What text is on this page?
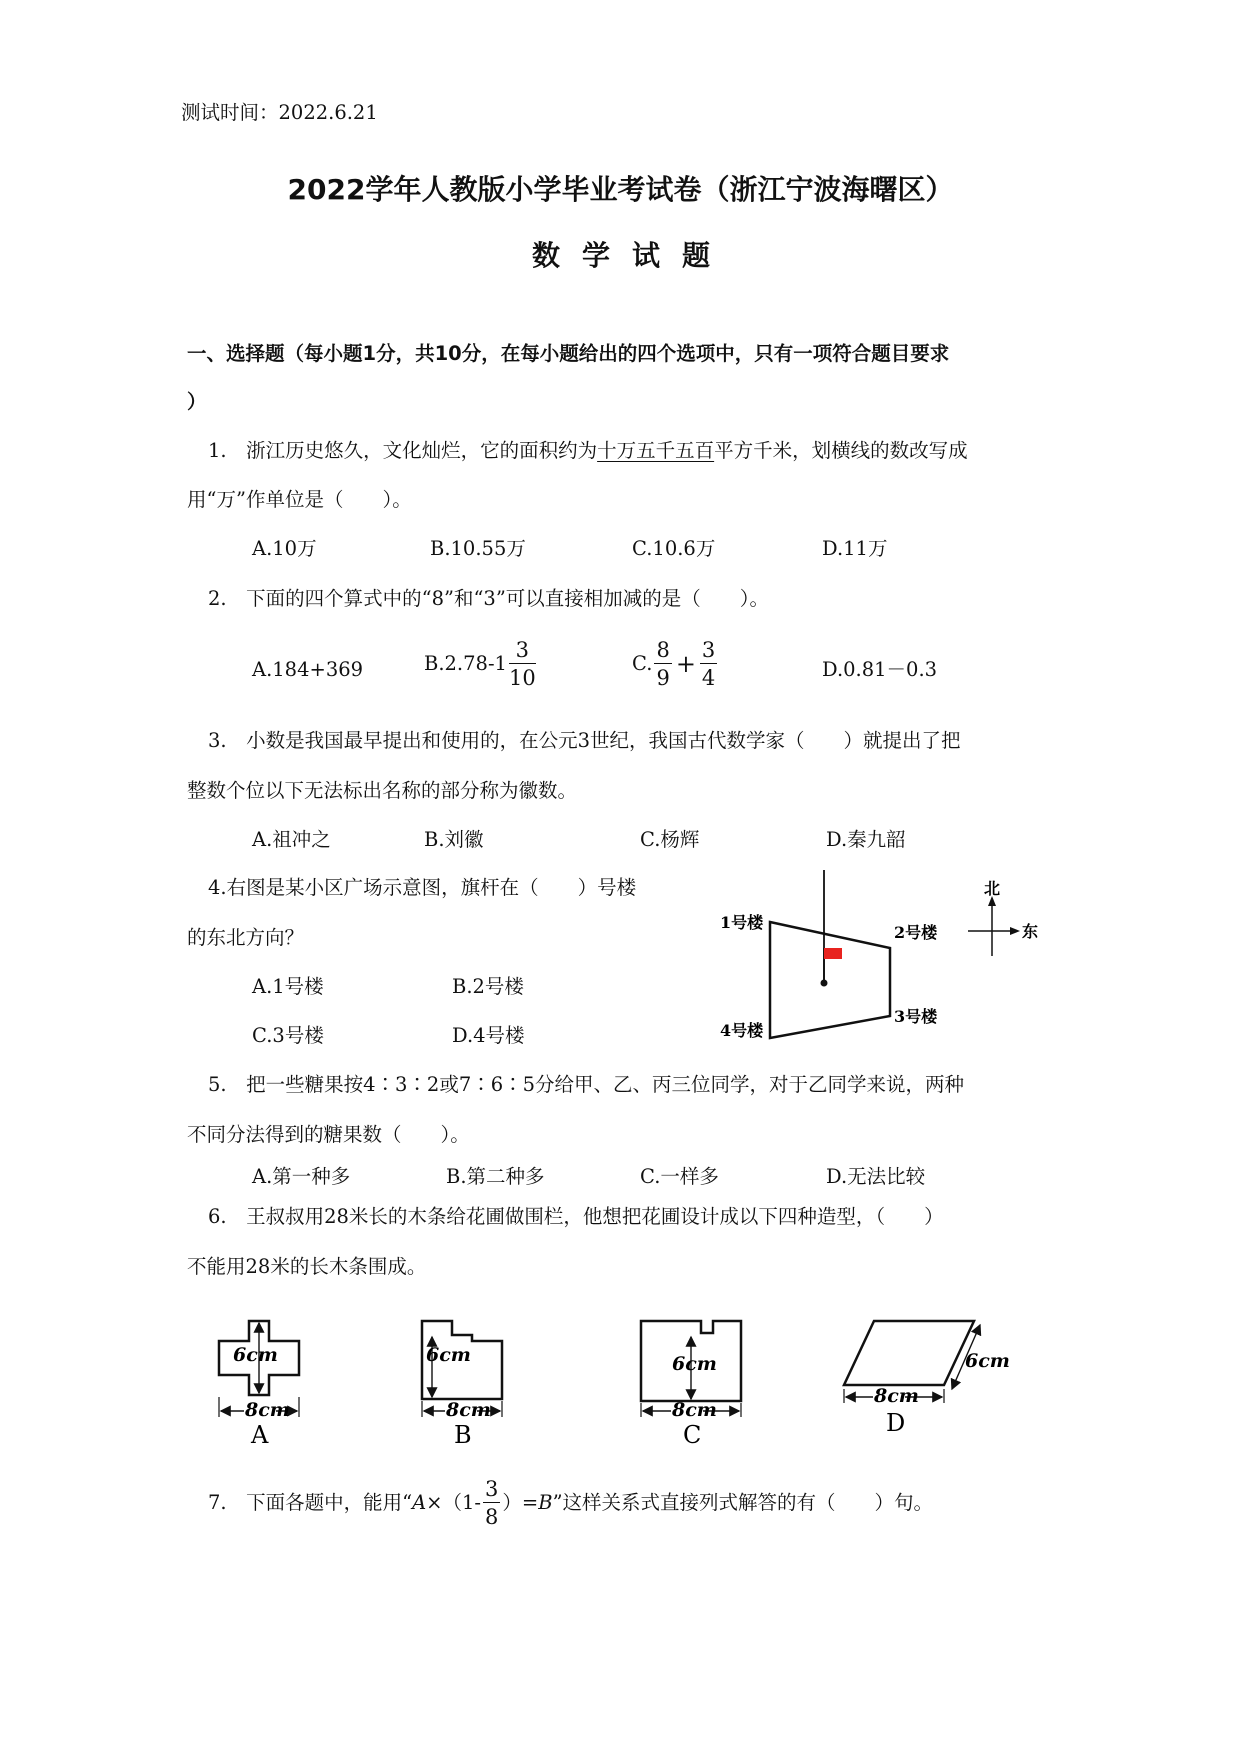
测试时间：2022.6.21
2022学年人教版小学毕业考试卷（浙江宁波海曙区）
数学试题
一、选择题（每小题1分，共10分，在每小题给出的四个选项中，只有一项符合题目要求
）
1.　浙江历史悠久，文化灿烂，它的面积约为十万五千五百平方千米，划横线的数改写成
用“万”作单位是（　　）。
A.10万	B.10.55万	C.10.6万	D.11万
2.　下面的四个算式中的“8”和“3”可以直接相加减的是（　　）。
A.184+369	$B.2.78-1 \frac{3}{10}$	C. $\frac{8}{9} + \frac{3}{4}$	D.0.81－0.3
3.　小数是我国最早提出和使用的，在公元3世纪，我国古代数学家（　　）就提出了把
整数个位以下无法标出名称的部分称为徽数。
A.祖冲之	B.刘徽	C.杨辉	D.秦九韶
4.右图是某小区广场示意图，旗杆在（　　）号楼
的东北方向？
A.1号楼	B.2号楼
C.3号楼	D.4号楼
1号楼
2号楼
3号楼
4号楼
北
东
5.　把一些糖果按4∶3∶2或7∶6∶5分给甲、乙、丙三位同学，对于乙同学来说，两种
不同分法得到的糖果数（　　）。
A.第一种多	B.第二种多	C.一样多	D.无法比较
6.　王叔叔用28米长的木条给花圃做围栏，他想把花圃设计成以下四种造型，（　　）
不能用28米的长木条围成。
6cm
8cm
A
6cm
8cm
B
6cm
8cm
C
6cm
8cm
D
7.　下面各题中，能用“ $A \times(1- \frac{3}{8}$ ）= B ”这样关系式直接列式解答的有（　　）句。
